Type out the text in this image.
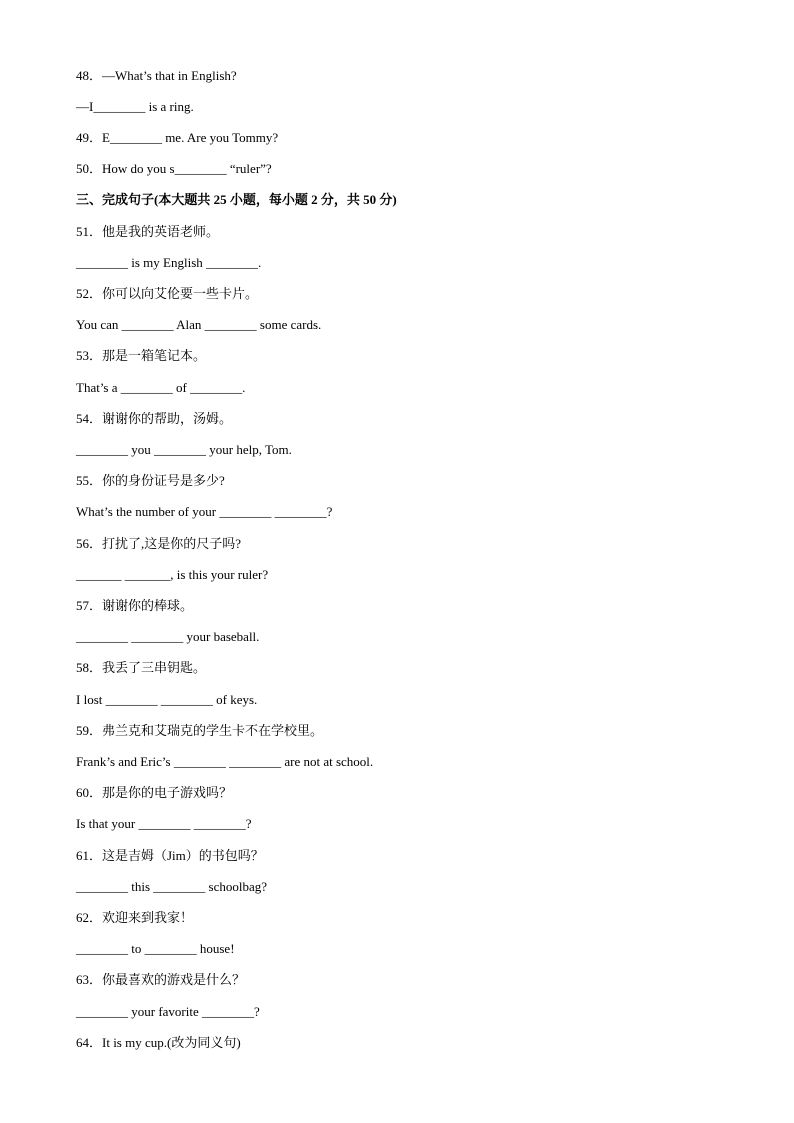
48．—What’s that in English?
—I________ is a ring.
49．E________ me. Are you Tommy?
50．How do you s________ “ruler”?
三、完成句子(本大题共 25 小题，每小题 2 分，共 50 分)
51．他是我的英语老师。
________ is my English ________.
52．你可以向艾伦要一些卡片。
You can ________ Alan ________ some cards.
53．那是一箱笔记本。
That’s a ________ of ________.
54．谢谢你的帮助，汤姆。
________ you ________ your help, Tom.
55．你的身份证号是多少?
What’s the number of your ________ ________?
56．打扰了,这是你的尺子吗?
_______ _______, is this your ruler?
57．谢谢你的棒球。
________ ________ your baseball.
58．我丢了三串钥匙。
I lost ________ ________ of keys.
59．弗兰克和艾瑞克的学生卡不在学校里。
Frank’s and Eric’s ________ ________ are not at school.
60．那是你的电子游戏吗？
Is that your ________ ________?
61．这是吉姆（Jim）的书包吗？
________ this ________ schoolbag?
62．欢迎来到我家！
________ to ________ house!
63．你最喜欢的游戏是什么？
________ your favorite ________?
64．It is my cup.(改为同义句)
